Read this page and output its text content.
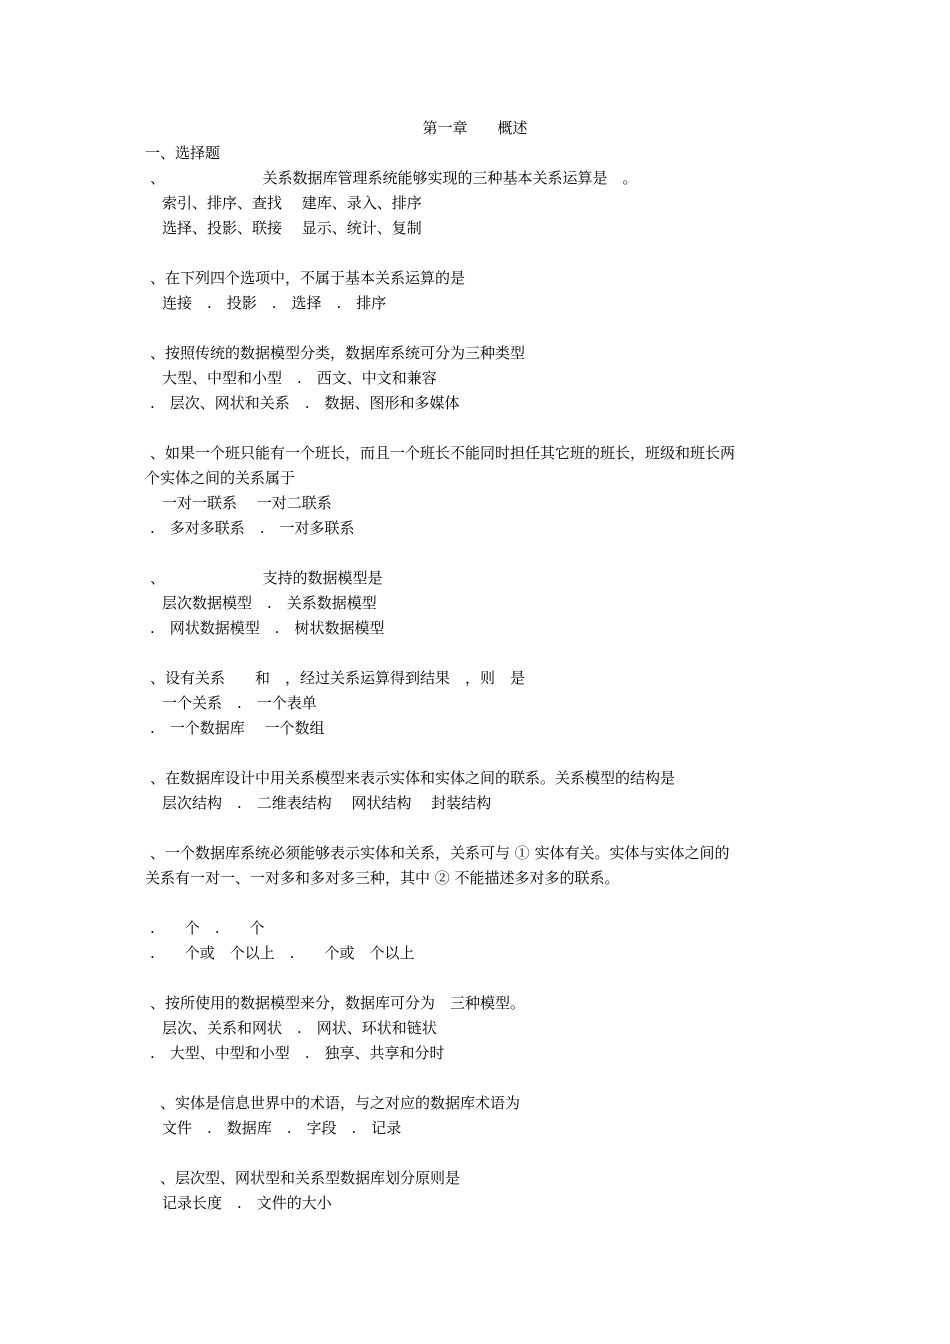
第一章　　概述
一、选择题
、　　　　　　　关系数据库管理系统能够实现的三种基本关系运算是　。
　索引、排序、查找　 建库、录入、排序
　选择、投影、联接　 显示、统计、复制
、在下列四个选项中，不属于基本关系运算的是
　连接　.　投影　.　选择　.　排序
、按照传统的数据模型分类，数据库系统可分为三种类型
　大型、中型和小型　.　西文、中文和兼容
.　层次、网状和关系　.　数据、图形和多媒体
、如果一个班只能有一个班长，而且一个班长不能同时担任其它班的班长，班级和班长两
个实体之间的关系属于
　一对一联系　 一对二联系
.　多对多联系　.　一对多联系
、　　　　　　　支持的数据模型是
　层次数据模型　.　关系数据模型
.　网状数据模型　.　树状数据模型
、设有关系　　和　，经过关系运算得到结果　，则　是
　一个关系　.　一个表单
.　一个数据库　 一个数组
、在数据库设计中用关系模型来表示实体和实体之间的联系。关系模型的结构是
　层次结构　.　二维表结构　 网状结构　 封装结构
、一个数据库系统必须能够表示实体和关系，关系可与 ① 实体有关。实体与实体之间的
关系有一对一、一对多和多对多三种，其中 ② 不能描述多对多的联系。
.　　个　.　　个
.　　个或　个以上　.　　个或　个以上
、按所使用的数据模型来分，数据库可分为　三种模型。
　层次、关系和网状　.　网状、环状和链状
.　大型、中型和小型　.　独享、共享和分时
　、实体是信息世界中的术语，与之对应的数据库术语为
　文件　.　数据库　.　字段　.　记录
　、层次型、网状型和关系型数据库划分原则是
　记录长度　.　文件的大小
